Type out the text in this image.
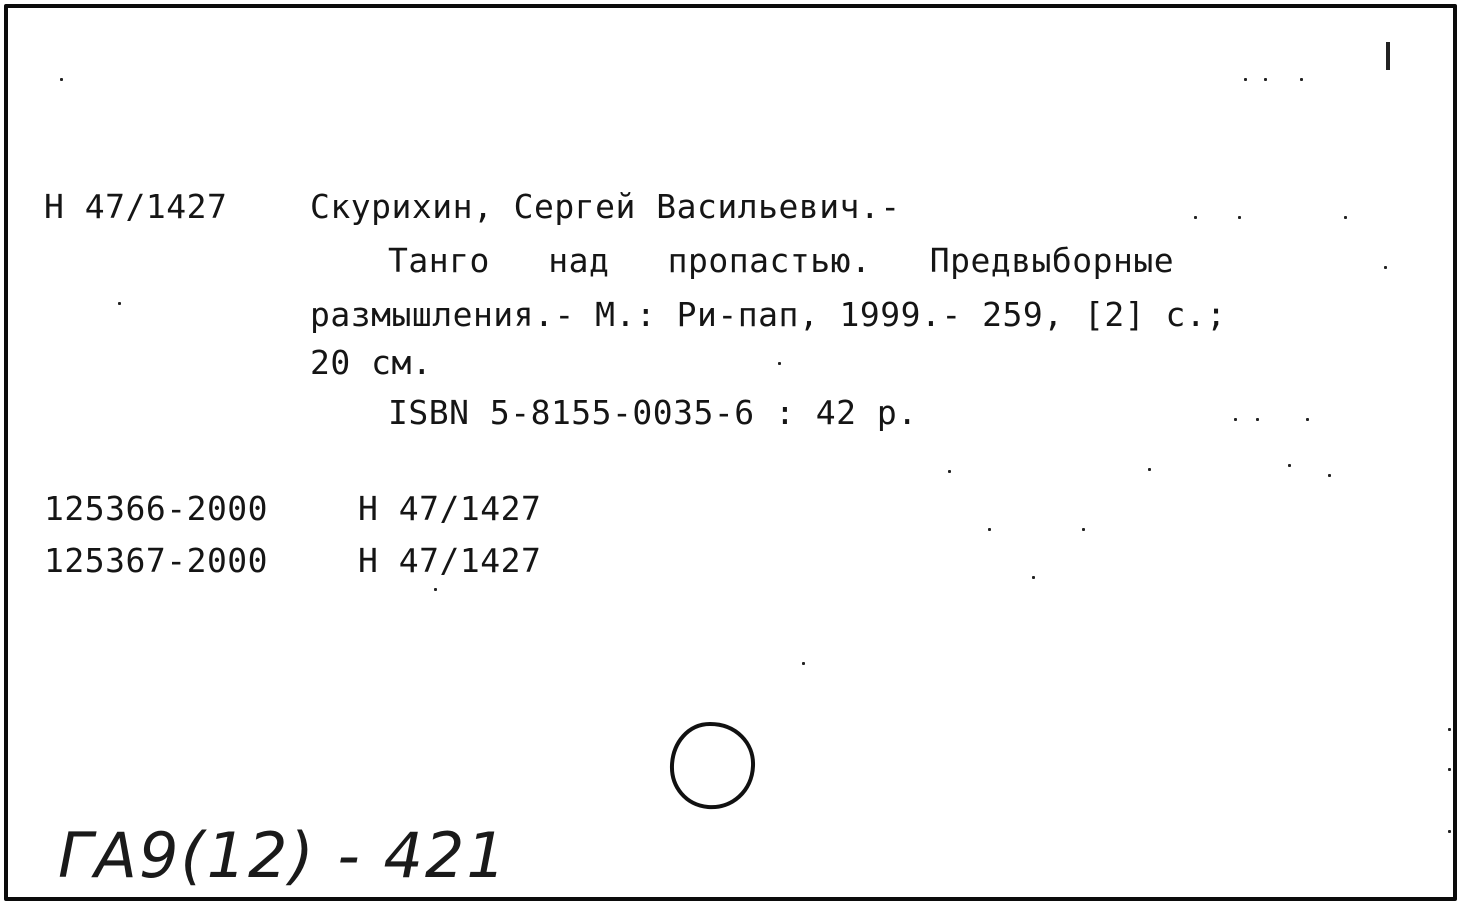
Н 47/1427	Скурихин, Сергей Васильевич.-
Танго над пропастью. Предвыборные
размышления.- М.: Ри-пап, 1999.- 259, [2] с.;
20 см.
ISBN 5-8155-0035-6 : 42 р.
125366-2000	Н 47/1427
125367-2000	Н 47/1427
ГА9(12) - 421
